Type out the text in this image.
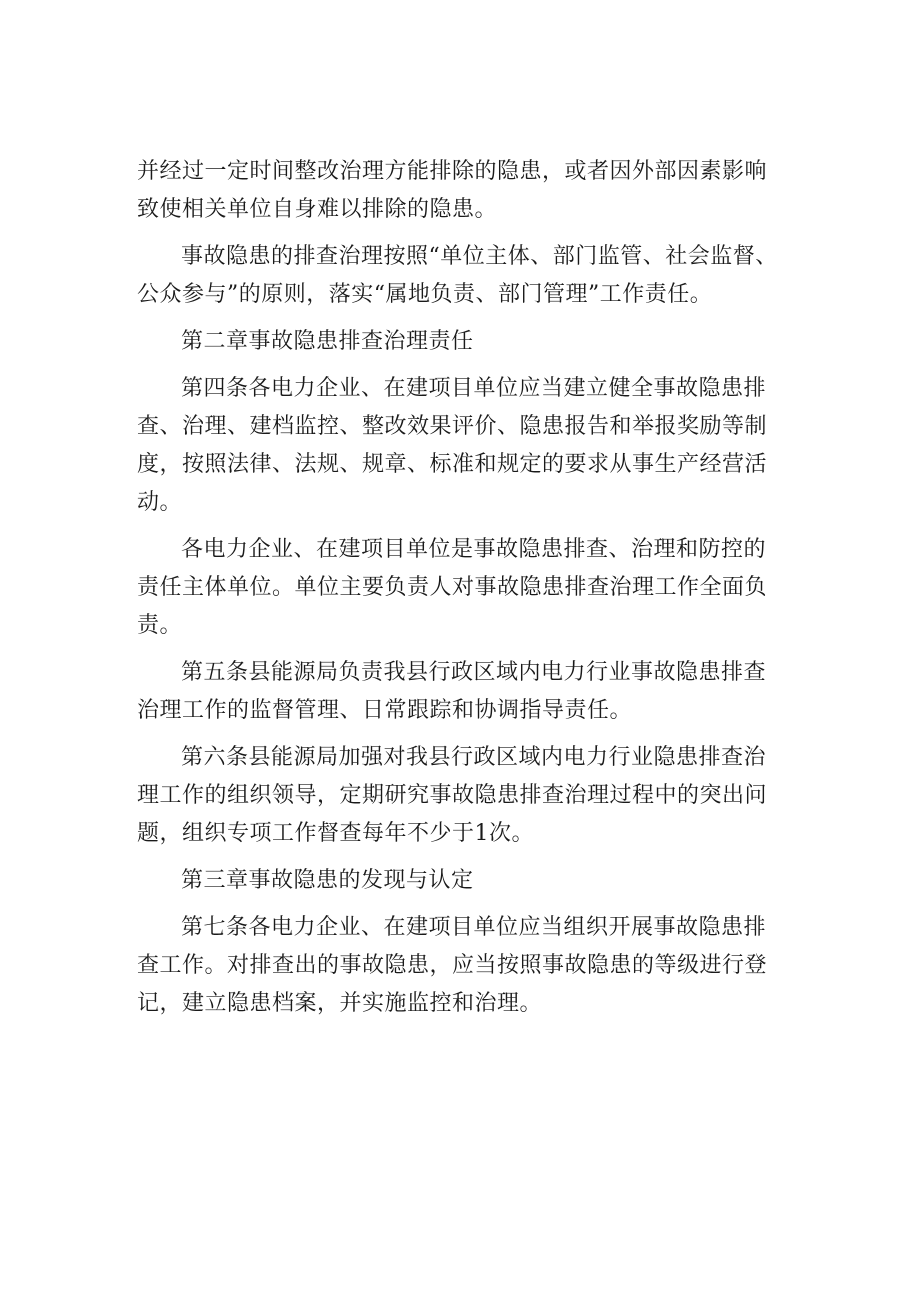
并经过一定时间整改治理方能排除的隐患，或者因外部因素影响
致使相关单位自身难以排除的隐患。

事故隐患的排查治理按照“单位主体、部门监管、社会监督、
公众参与”的原则，落实“属地负责、部门管理”工作责任。

第二章事故隐患排查治理责任

第四条各电力企业、在建项目单位应当建立健全事故隐患排
查、治理、建档监控、整改效果评价、隐患报告和举报奖励等制
度，按照法律、法规、规章、标准和规定的要求从事生产经营活
动。

各电力企业、在建项目单位是事故隐患排查、治理和防控的
责任主体单位。单位主要负责人对事故隐患排查治理工作全面负
责。

第五条县能源局负责我县行政区域内电力行业事故隐患排查
治理工作的监督管理、日常跟踪和协调指导责任。

第六条县能源局加强对我县行政区域内电力行业隐患排查治
理工作的组织领导，定期研究事故隐患排查治理过程中的突出问
题，组织专项工作督查每年不少于1次。

第三章事故隐患的发现与认定

第七条各电力企业、在建项目单位应当组织开展事故隐患排
查工作。对排查出的事故隐患，应当按照事故隐患的等级进行登
记，建立隐患档案，并实施监控和治理。
